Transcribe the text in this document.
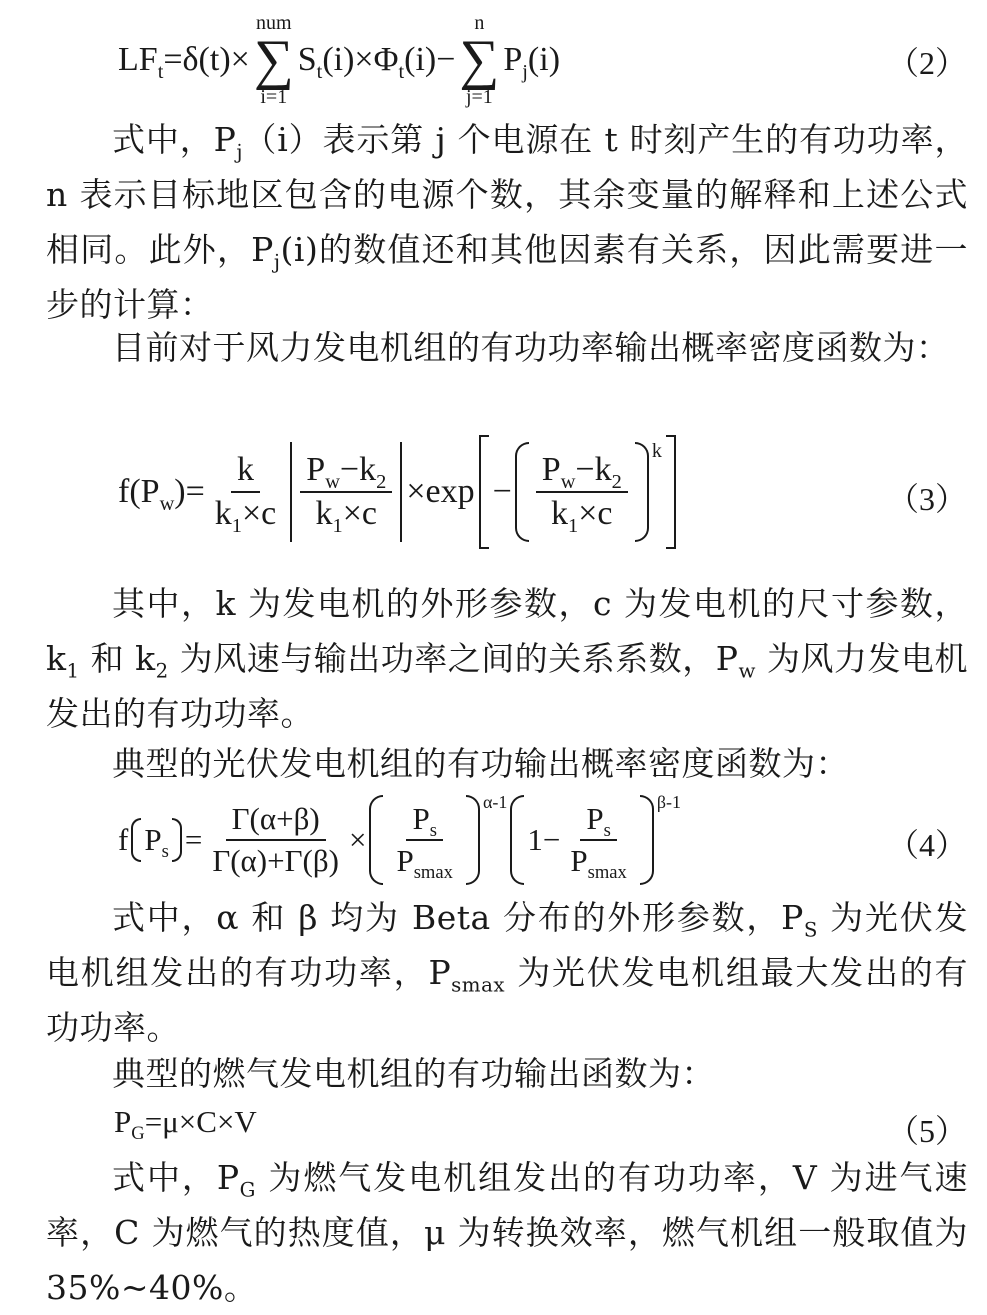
$LF_t =\delta(t)\times$
num
∑
i=1
$S_t(i)\times\Phi_t(i)-$
n
∑
j=1
$P_j(i)$	（2）

式中，$P_j(i)$表示第 j 个电源在 t 时刻产生的有功功率，n 表示目标地区包含的电源个数，其余变量的解释和上述公式相同。此外，$P_j(i)$的数值还和其他因素有关系，因此需要进一步的计算：

目前对于风力发电机组的有功功率输出概率密度函数为：

$f(P_w)= \frac{k}{k_1\times c} \frac{P_w-k_2}{k_1\times c} \times\exp - \frac{P_w-k_2}{k_1\times c}$ k
（3）

其中，k 为发电机的外形参数，c 为发电机的尺寸参数，$k_1$ 和 $k_2$ 为风速与输出功率之间的关系系数，$P_w$ 为风力发电机发出的有功功率。

典型的光伏发电机组的有功输出概率密度函数为：

f $P_s = \frac{\Gamma(\alpha+\beta)}{\Gamma(\alpha)+\Gamma(\beta)} \times \frac{P_s}{P_{smax}} \alpha-1$
$1- \frac{P_s}{P_{smax}} \beta-1$
（4）

式中，α 和 β 均为 Beta 分布的外形参数，$P_S$ 为光伏发电机组发出的有功功率，$P_{smax}$ 为光伏发电机组最大发出的有功功率。

典型的燃气发电机组的有功输出函数为：

$P_G=\mu\times C\times V$	（5）

式中，$P_G$ 为燃气发电机组发出的有功功率，V 为进气速率，C 为燃气的热度值，μ 为转换效率，燃气机组一般取值为 35%~40%。
